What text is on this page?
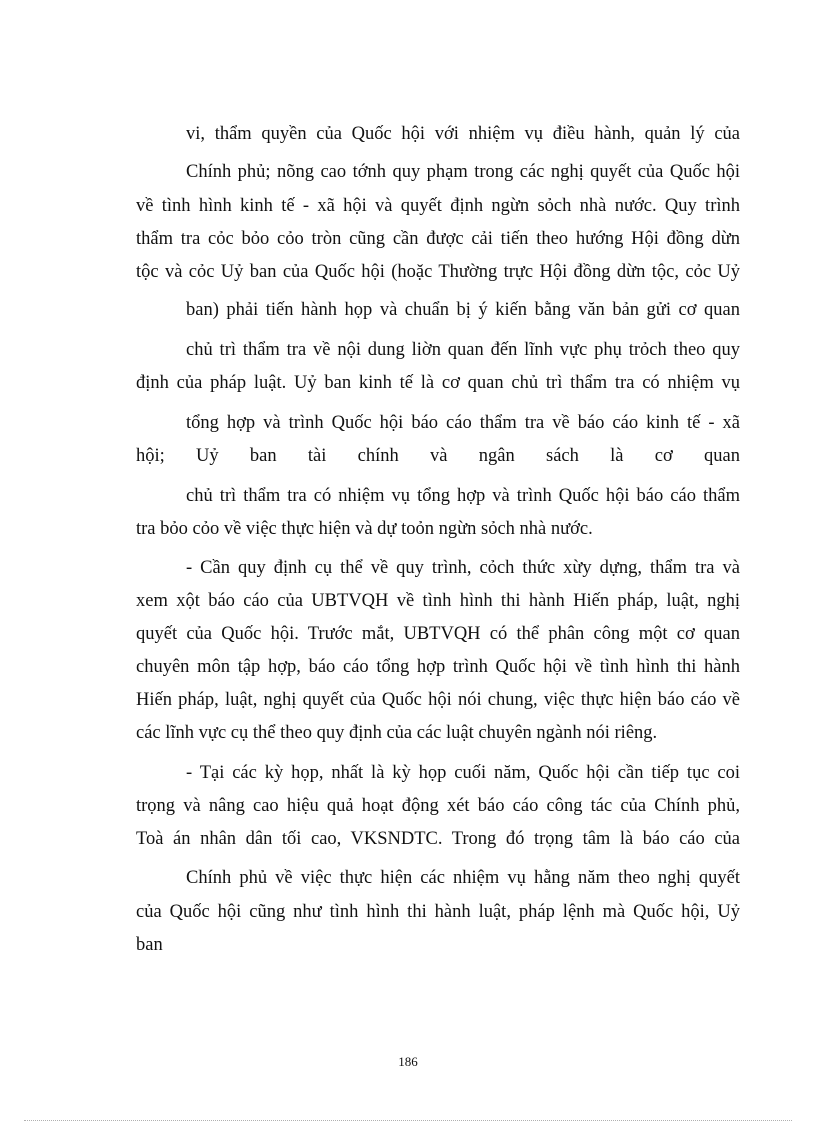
vi, thẩm quyền của Quốc hội với nhiệm vụ điều hành, quản lý của
Chính phủ; nõng cao tớnh quy phạm trong các nghị quyết của Quốc hội
về tình hình kinh tế - xã hội và quyết định ngừn sỏch nhà nước. Quy trình
thẩm tra cỏc bỏo cỏo tròn cũng cần được cải tiến theo hướng Hội đồng dừn
tộc và cỏc Uỷ ban của Quốc hội (hoặc Thường trực Hội đồng dừn tộc, cỏc Uỷ
ban) phải tiến hành họp và chuẩn bị ý kiến bằng văn bản gửi cơ quan
chủ trì thẩm tra về nội dung liờn quan đến lĩnh vực phụ trỏch theo quy
định của pháp luật. Uỷ ban kinh tế là cơ quan chủ trì thẩm tra có nhiệm vụ
tổng hợp và trình Quốc hội báo cáo thẩm tra về báo cáo kinh tế - xã
hội; Uỷ ban tài chính và ngân sách là cơ quan
chủ trì thẩm tra có nhiệm vụ tổng hợp và trình Quốc hội báo cáo thẩm
tra bỏo cỏo về việc thực hiện và dự toỏn ngừn sỏch nhà nước.
- Cần quy định cụ thể về quy trình, cỏch thức xừy dựng, thẩm tra và
xem xột báo cáo của UBTVQH về tình hình thi hành Hiến pháp, luật, nghị
quyết của Quốc hội. Trước mắt, UBTVQH có thể phân công một cơ quan
chuyên môn tập hợp, báo cáo tổng hợp trình Quốc hội về tình hình thi hành
Hiến pháp, luật, nghị quyết của Quốc hội nói chung, việc thực hiện báo cáo về
các lĩnh vực cụ thể theo quy định của các luật chuyên ngành nói riêng.
- Tại các kỳ họp, nhất là kỳ họp cuối năm, Quốc hội cần tiếp tục coi
trọng và nâng cao hiệu quả hoạt động xét báo cáo công tác của Chính phủ,
Toà án nhân dân tối cao, VKSNDTC. Trong đó trọng tâm là báo cáo của
Chính phủ về việc thực hiện các nhiệm vụ hằng năm theo nghị quyết
của Quốc hội cũng như tình hình thi hành luật, pháp lệnh mà Quốc hội, Uỷ
ban
186
